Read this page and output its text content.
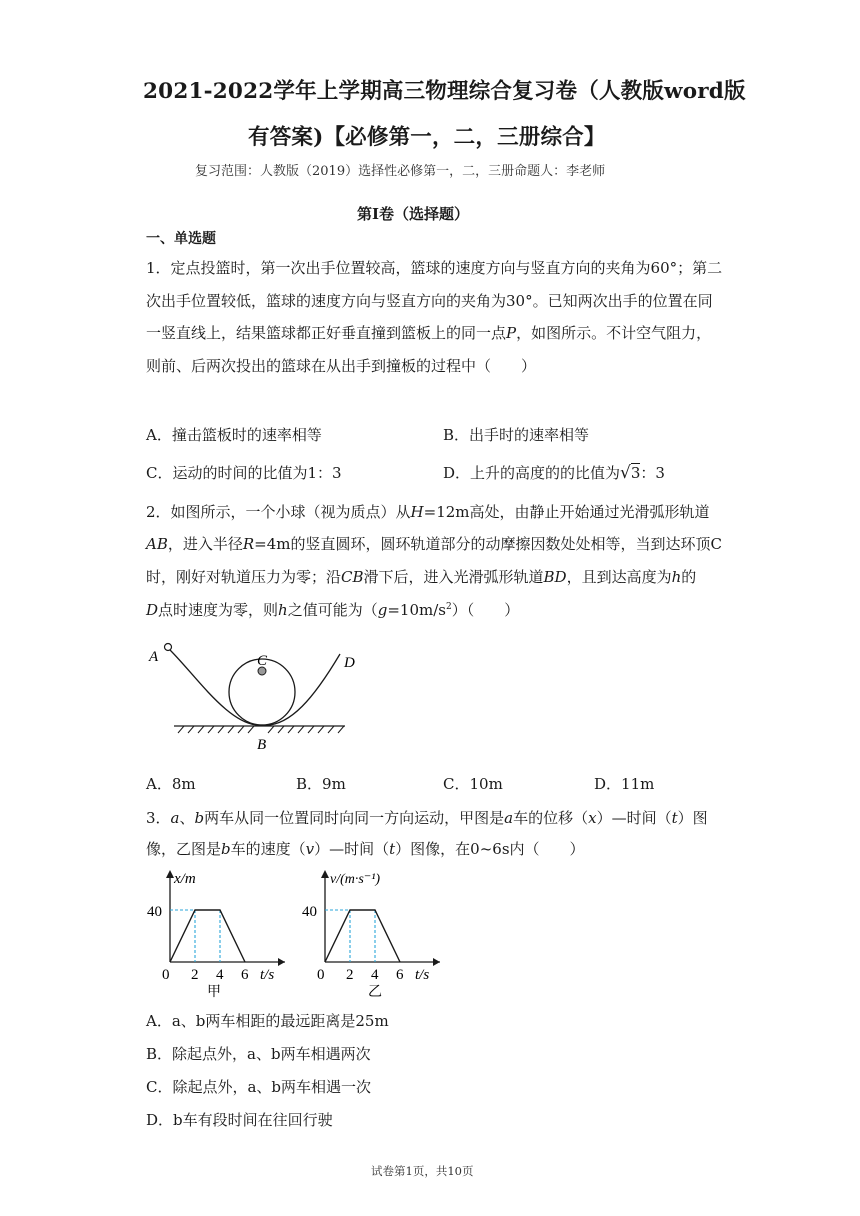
2021-2022学年上学期高三物理综合复习卷（人教版word版
有答案)【必修第一，二，三册综合】
复习范围：人教版（2019）选择性必修第一，二，三册命题人：李老师
第I卷（选择题）
一、单选题
1．定点投篮时，第一次出手位置较高，篮球的速度方向与竖直方向的夹角为60°；第二
次出手位置较低，篮球的速度方向与竖直方向的夹角为30°。已知两次出手的位置在同
一竖直线上，结果篮球都正好垂直撞到篮板上的同一点P，如图所示。不计空气阻力，
则前、后两次投出的篮球在从出手到撞板的过程中（　　）
A．撞击篮板时的速率相等	B．出手时的速率相等
C．运动的时间的比值为1：3	D．上升的高度的的比值为√3：3
2．如图所示，一个小球（视为质点）从H=12m高处，由静止开始通过光滑弧形轨道
AB，进入半径R=4m的竖直圆环，圆环轨道部分的动摩擦因数处处相等，当到达环顶C
时，刚好对轨道压力为零；沿CB滑下后，进入光滑弧形轨道BD，且到达高度为h的
D点时速度为零，则h之值可能为$(g=10m/s^2)$（　　）
A	C	D
B
A．8m	B．9m	C．10m	D．11m
3．a、b两车从同一位置同时向同一方向运动，甲图是a车的位移（x）—时间（t）图
像，乙图是b车的速度（v）—时间（t）图像，在0~6s内（　　）
x/m
40
0 2 4 6 t/s
甲
v/(m·s⁻¹)
40
0 2 4 6 t/s
乙
A．a、b两车相距的最远距离是25m
B．除起点外，a、b两车相遇两次
C．除起点外，a、b两车相遇一次
D．b车有段时间在往回行驶
试卷第1页，共10页
